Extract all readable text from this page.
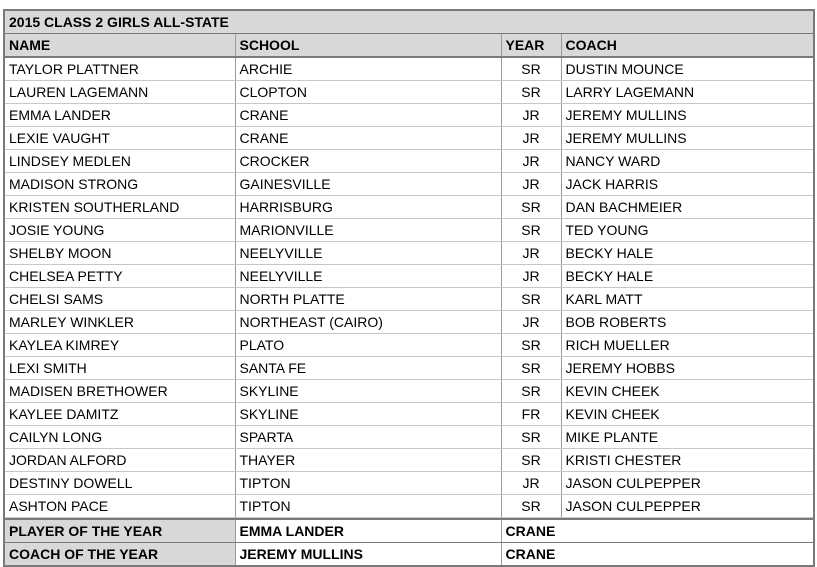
2015 CLASS 2 GIRLS ALL-STATE
NAME	SCHOOL	YEAR	COACH
TAYLOR PLATTNER	ARCHIE	SR	DUSTIN MOUNCE
LAUREN LAGEMANN	CLOPTON	SR	LARRY LAGEMANN
EMMA LANDER	CRANE	JR	JEREMY MULLINS
LEXIE VAUGHT	CRANE	JR	JEREMY MULLINS
LINDSEY MEDLEN	CROCKER	JR	NANCY WARD
MADISON STRONG	GAINESVILLE	JR	JACK HARRIS
KRISTEN SOUTHERLAND	HARRISBURG	SR	DAN BACHMEIER
JOSIE YOUNG	MARIONVILLE	SR	TED YOUNG
SHELBY MOON	NEELYVILLE	JR	BECKY HALE
CHELSEA PETTY	NEELYVILLE	JR	BECKY HALE
CHELSI SAMS	NORTH PLATTE	SR	KARL MATT
MARLEY WINKLER	NORTHEAST (CAIRO)	JR	BOB ROBERTS
KAYLEA KIMREY	PLATO	SR	RICH MUELLER
LEXI SMITH	SANTA FE	SR	JEREMY HOBBS
MADISEN BRETHOWER	SKYLINE	SR	KEVIN CHEEK
KAYLEE DAMITZ	SKYLINE	FR	KEVIN CHEEK
CAILYN LONG	SPARTA	SR	MIKE PLANTE
JORDAN ALFORD	THAYER	SR	KRISTI CHESTER
DESTINY DOWELL	TIPTON	JR	JASON CULPEPPER
ASHTON PACE	TIPTON	SR	JASON CULPEPPER
PLAYER OF THE YEAR	EMMA LANDER	CRANE
COACH OF THE YEAR	JEREMY MULLINS	CRANE
